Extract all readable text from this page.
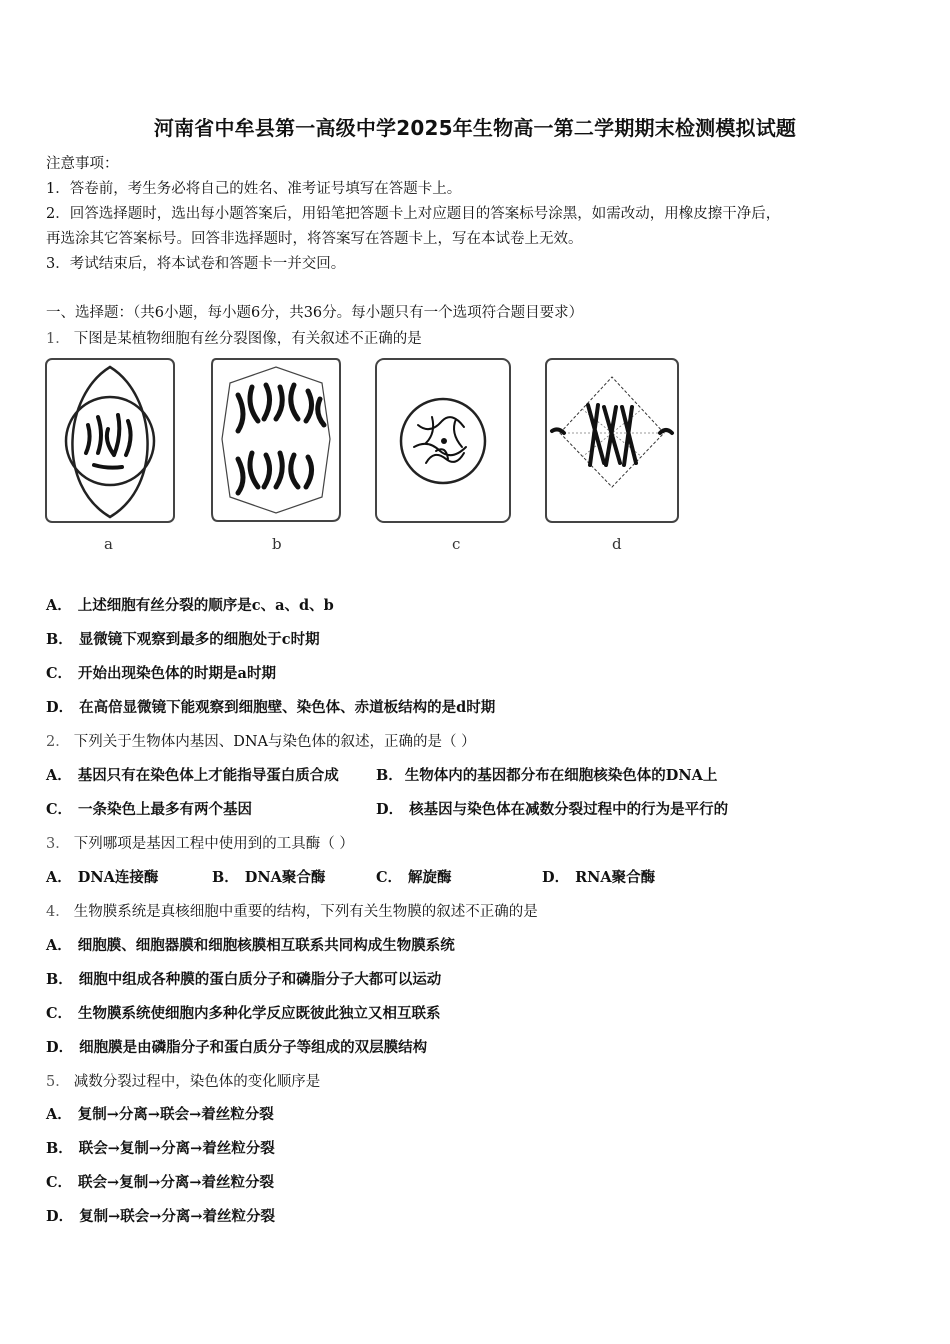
河南省中牟县第一高级中学2025年生物高一第二学期期末检测模拟试题
注意事项：
1．答卷前，考生务必将自己的姓名、准考证号填写在答题卡上。
2．回答选择题时，选出每小题答案后，用铅笔把答题卡上对应题目的答案标号涂黑，如需改动，用橡皮擦干净后，
再选涂其它答案标号。回答非选择题时，将答案写在答题卡上，写在本试卷上无效。
3．考试结束后，将本试卷和答题卡一并交回。
一、选择题：（共6小题，每小题6分，共36分。每小题只有一个选项符合题目要求）
1． 下图是某植物细胞有丝分裂图像，有关叙述不正确的是
a	b	c	d
A． 上述细胞有丝分裂的顺序是c、a、d、b
B． 显微镜下观察到最多的细胞处于c时期
C． 开始出现染色体的时期是a时期
D． 在高倍显微镜下能观察到细胞壁、染色体、赤道板结构的是d时期
2． 下列关于生物体内基因、DNA与染色体的叙述，正确的是（ ）
A． 基因只有在染色体上才能指导蛋白质合成	B． 生物体内的基因都分布在细胞核染色体的DNA上
C． 一条染色上最多有两个基因	D． 核基因与染色体在减数分裂过程中的行为是平行的
3． 下列哪项是基因工程中使用到的工具酶（ ）
A． DNA连接酶	B． DNA聚合酶	C． 解旋酶	D． RNA聚合酶
4． 生物膜系统是真核细胞中重要的结构，下列有关生物膜的叙述不正确的是
A． 细胞膜、细胞器膜和细胞核膜相互联系共同构成生物膜系统
B． 细胞中组成各种膜的蛋白质分子和磷脂分子大都可以运动
C． 生物膜系统使细胞内多种化学反应既彼此独立又相互联系
D． 细胞膜是由磷脂分子和蛋白质分子等组成的双层膜结构
5． 减数分裂过程中，染色体的变化顺序是
A． 复制→分离→联会→着丝粒分裂
B． 联会→复制→分离→着丝粒分裂
C． 联会→复制→分离→着丝粒分裂
D． 复制→联会→分离→着丝粒分裂
